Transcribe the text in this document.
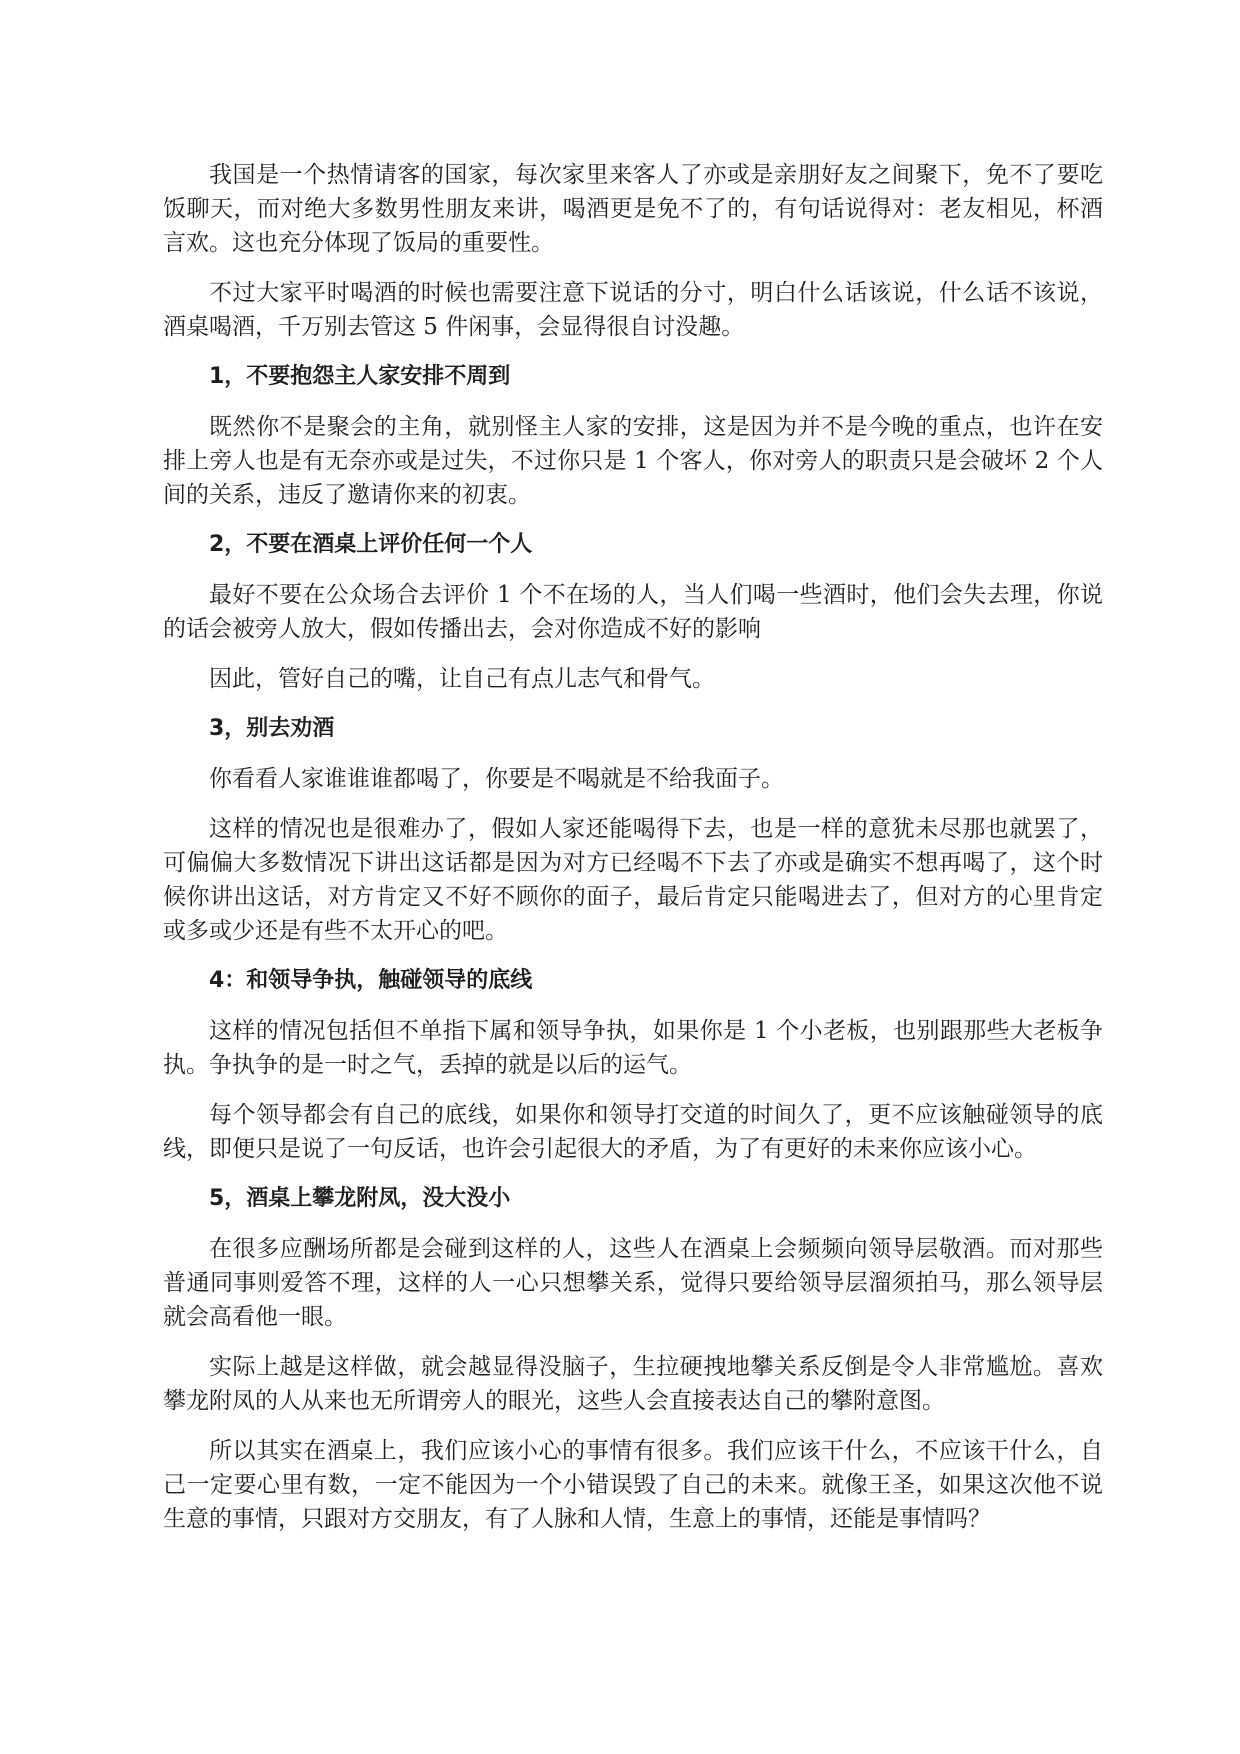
我国是一个热情请客的国家，每次家里来客人了亦或是亲朋好友之间聚下，免不了要吃饭聊天，而对绝大多数男性朋友来讲，喝酒更是免不了的，有句话说得对：老友相见，杯酒言欢。这也充分体现了饭局的重要性。

不过大家平时喝酒的时候也需要注意下说话的分寸，明白什么话该说，什么话不该说，酒桌喝酒，千万别去管这 5 件闲事，会显得很自讨没趣。

1，不要抱怨主人家安排不周到

既然你不是聚会的主角，就别怪主人家的安排，这是因为并不是今晚的重点，也许在安排上旁人也是有无奈亦或是过失，不过你只是 1 个客人，你对旁人的职责只是会破坏 2 个人间的关系，违反了邀请你来的初衷。

2，不要在酒桌上评价任何一个人

最好不要在公众场合去评价 1 个不在场的人，当人们喝一些酒时，他们会失去理，你说的话会被旁人放大，假如传播出去，会对你造成不好的影响

因此，管好自己的嘴，让自己有点儿志气和骨气。

3，别去劝酒

你看看人家谁谁谁都喝了，你要是不喝就是不给我面子。

这样的情况也是很难办了，假如人家还能喝得下去，也是一样的意犹未尽那也就罢了，可偏偏大多数情况下讲出这话都是因为对方已经喝不下去了亦或是确实不想再喝了，这个时候你讲出这话，对方肯定又不好不顾你的面子，最后肯定只能喝进去了，但对方的心里肯定或多或少还是有些不太开心的吧。

4：和领导争执，触碰领导的底线

这样的情况包括但不单指下属和领导争执，如果你是 1 个小老板，也别跟那些大老板争执。争执争的是一时之气，丢掉的就是以后的运气。

每个领导都会有自己的底线，如果你和领导打交道的时间久了，更不应该触碰领导的底线，即便只是说了一句反话，也许会引起很大的矛盾，为了有更好的未来你应该小心。

5，酒桌上攀龙附凤，没大没小

在很多应酬场所都是会碰到这样的人，这些人在酒桌上会频频向领导层敬酒。而对那些普通同事则爱答不理，这样的人一心只想攀关系，觉得只要给领导层溜须拍马，那么领导层就会高看他一眼。

实际上越是这样做，就会越显得没脑子，生拉硬拽地攀关系反倒是令人非常尴尬。喜欢攀龙附凤的人从来也无所谓旁人的眼光，这些人会直接表达自己的攀附意图。

所以其实在酒桌上，我们应该小心的事情有很多。我们应该干什么，不应该干什么，自己一定要心里有数，一定不能因为一个小错误毁了自己的未来。就像王圣，如果这次他不说生意的事情，只跟对方交朋友，有了人脉和人情，生意上的事情，还能是事情吗？
